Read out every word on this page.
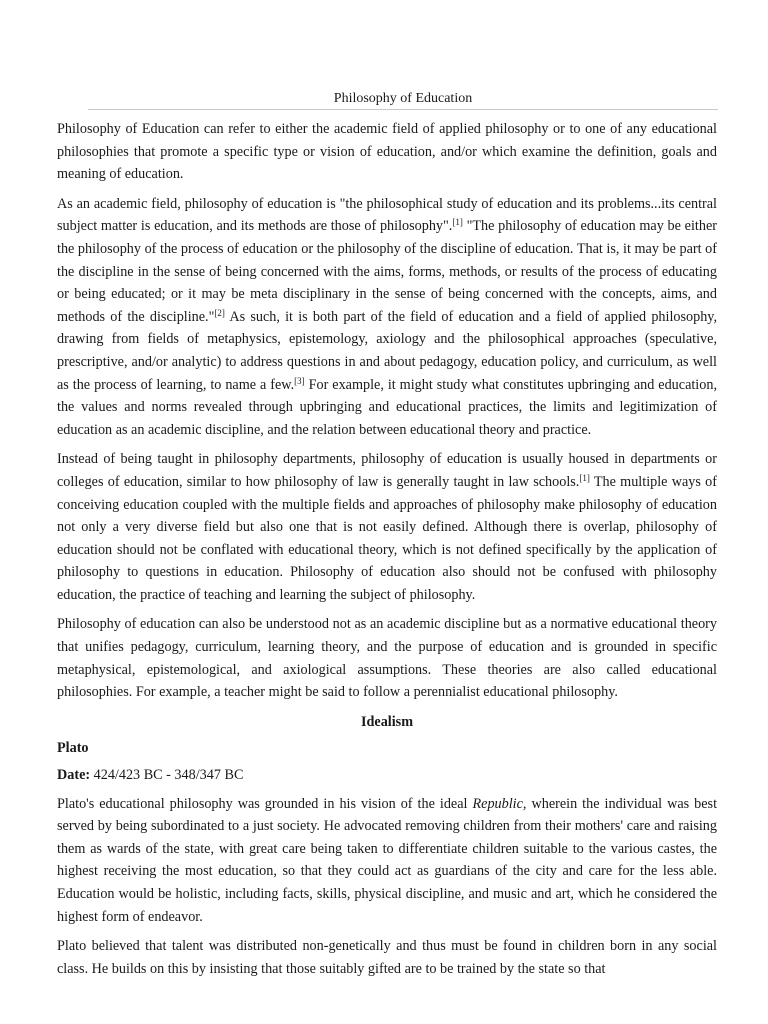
Philosophy of Education

Philosophy of Education can refer to either the academic field of applied philosophy or to one of any educational philosophies that promote a specific type or vision of education, and/or which examine the definition, goals and meaning of education.

As an academic field, philosophy of education is "the philosophical study of education and its problems...its central subject matter is education, and its methods are those of philosophy".[1] "The philosophy of education may be either the philosophy of the process of education or the philosophy of the discipline of education. That is, it may be part of the discipline in the sense of being concerned with the aims, forms, methods, or results of the process of educating or being educated; or it may be meta disciplinary in the sense of being concerned with the concepts, aims, and methods of the discipline."[2] As such, it is both part of the field of education and a field of applied philosophy, drawing from fields of metaphysics, epistemology, axiology and the philosophical approaches (speculative, prescriptive, and/or analytic) to address questions in and about pedagogy, education policy, and curriculum, as well as the process of learning, to name a few.[3] For example, it might study what constitutes upbringing and education, the values and norms revealed through upbringing and educational practices, the limits and legitimization of education as an academic discipline, and the relation between educational theory and practice.

Instead of being taught in philosophy departments, philosophy of education is usually housed in departments or colleges of education, similar to how philosophy of law is generally taught in law schools.[1] The multiple ways of conceiving education coupled with the multiple fields and approaches of philosophy make philosophy of education not only a very diverse field but also one that is not easily defined. Although there is overlap, philosophy of education should not be conflated with educational theory, which is not defined specifically by the application of philosophy to questions in education. Philosophy of education also should not be confused with philosophy education, the practice of teaching and learning the subject of philosophy.

Philosophy of education can also be understood not as an academic discipline but as a normative educational theory that unifies pedagogy, curriculum, learning theory, and the purpose of education and is grounded in specific metaphysical, epistemological, and axiological assumptions. These theories are also called educational philosophies. For example, a teacher might be said to follow a perennialist educational philosophy.

Idealism
Plato
Date: 424/423 BC - 348/347 BC

Plato's educational philosophy was grounded in his vision of the ideal Republic, wherein the individual was best served by being subordinated to a just society. He advocated removing children from their mothers' care and raising them as wards of the state, with great care being taken to differentiate children suitable to the various castes, the highest receiving the most education, so that they could act as guardians of the city and care for the less able. Education would be holistic, including facts, skills, physical discipline, and music and art, which he considered the highest form of endeavor.

Plato believed that talent was distributed non-genetically and thus must be found in children born in any social class. He builds on this by insisting that those suitably gifted are to be trained by the state so that
